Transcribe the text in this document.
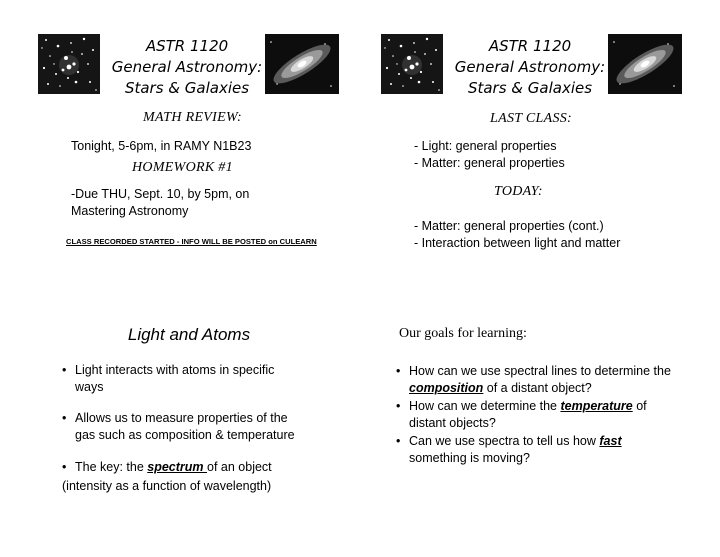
ASTR 1120
General Astronomy:
Stars & Galaxies
MATH REVIEW:
Tonight, 5-6pm, in RAMY N1B23
HOMEWORK #1
-Due THU, Sept. 10, by 5pm, on
Mastering Astronomy
CLASS RECORDED STARTED - INFO WILL BE POSTED on CULEARN
ASTR 1120
General Astronomy:
Stars & Galaxies
LAST CLASS:
- Light: general properties
- Matter: general properties
TODAY:
- Matter: general properties (cont.)
- Interaction between light and matter
Light and Atoms
• Light interacts with atoms in specific
ways
• Allows us to measure properties of the
gas such as composition & temperature
• The key: the spectrum of an object
(intensity as a function of wavelength)
Our goals for learning:
• How can we use spectral lines to determine the composition of a distant object?
• How can we determine the temperature of distant objects?
• Can we use spectra to tell us how fast something is moving?
